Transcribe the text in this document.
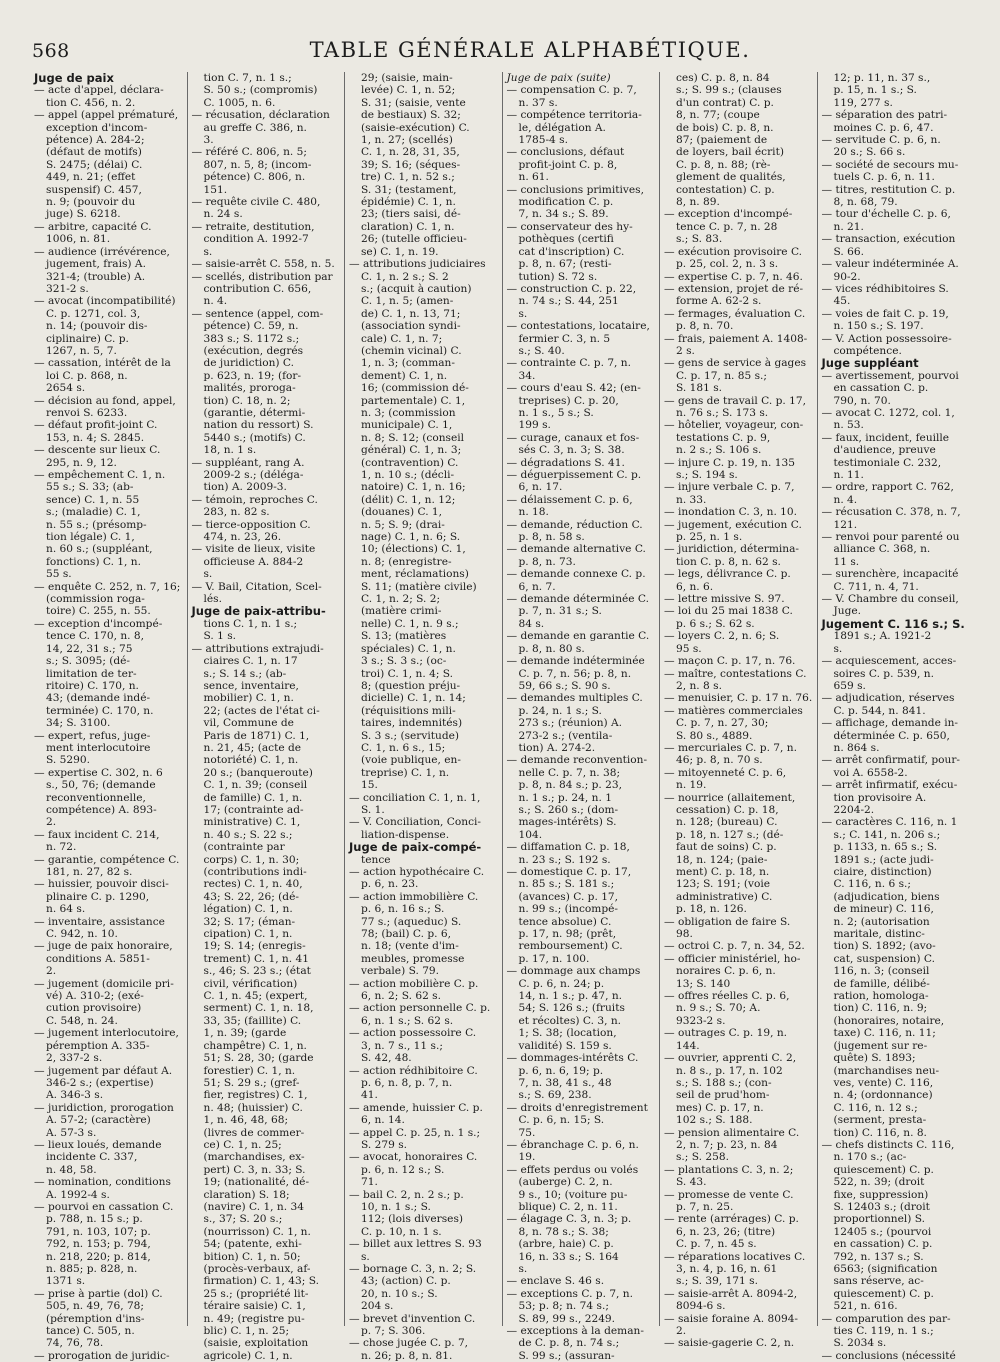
568	TABLE GÉNÉRALE ALPHABÉTIQUE.
Juge de paix
— acte d'appel, déclara-
tion C. 456, n. 2.
— appel (appel prématuré,
exception d'incom-
pétence) A. 284-2;
(défaut de motifs)
S. 2475; (délai) C.
449, n. 21; (effet
suspensif) C. 457,
n. 9; (pouvoir du
juge) S. 6218.
— arbitre, capacité C.
1006, n. 81.
— audience (irrévérence,
jugement, frais) A.
321-4; (trouble) A.
321-2 s.
— avocat (incompatibilité)
C. p. 1271, col. 3,
n. 14; (pouvoir dis-
ciplinaire) C. p.
1267, n. 5, 7.
— cassation, intérêt de la
loi C. p. 868, n.
2654 s.
— décision au fond, appel,
renvoi S. 6233.
— défaut profit-joint C.
153, n. 4; S. 2845.
— descente sur lieux C.
295, n. 9, 12.
— empêchement C. 1, n.
55 s.; S. 33; (ab-
sence) C. 1, n. 55
s.; (maladie) C. 1,
n. 55 s.; (présomp-
tion légale) C. 1,
n. 60 s.; (suppléant,
fonctions) C. 1, n.
55 s.
— enquête C. 252, n. 7, 16;
(commission roga-
toire) C. 255, n. 55.
— exception d'incompé-
tence C. 170, n. 8,
14, 22, 31 s.; 75
s.; S. 3095; (dé-
limitation de ter-
ritoire) C. 170, n.
43; (demande indé-
terminée) C. 170, n.
34; S. 3100.
— expert, refus, juge-
ment interlocutoire
S. 5290.
— expertise C. 302, n. 6
s., 50, 76; (demande
reconventionnelle,
compétence) A. 893-
2.
— faux incident C. 214,
n. 72.
— garantie, compétence C.
181, n. 27, 82 s.
— huissier, pouvoir disci-
plinaire C. p. 1290,
n. 64 s.
— inventaire, assistance
C. 942, n. 10.
— juge de paix honoraire,
conditions A. 5851-
2.
— jugement (domicile pri-
vé) A. 310-2; (exé-
cution provisoire)
C. 548, n. 24.
— jugement interlocutoire,
péremption A. 335-
2, 337-2 s.
— jugement par défaut A.
346-2 s.; (expertise)
A. 346-3 s.
— juridiction, prorogation
A. 57-2; (caractère)
A. 57-3 s.
— lieux loués, demande
incidente C. 337,
n. 48, 58.
— nomination, conditions
A. 1992-4 s.
— pourvoi en cassation C.
p. 788, n. 15 s.; p.
791, n. 103, 107; p.
792, n. 153; p. 794,
n. 218, 220; p. 814,
n. 885; p. 828, n.
1371 s.
— prise à partie (dol) C.
505, n. 49, 76, 78;
(péremption d'ins-
tance) C. 505, n.
74, 76, 78.
— prorogation de juridic-
tion C. 7, n. 1 s.;
S. 50 s.; (compromis)
C. 1005, n. 6.
— récusation, déclaration
au greffe C. 386, n.
3.
— référé C. 806, n. 5;
807, n. 5, 8; (incom-
pétence) C. 806, n.
151.
— requête civile C. 480,
n. 24 s.
— retraite, destitution,
condition A. 1992-7
s.
— saisie-arrêt C. 558, n. 5.
— scellés, distribution par
contribution C. 656,
n. 4.
— sentence (appel, com-
pétence) C. 59, n.
383 s.; S. 1172 s.;
(exécution, degrés
de juridiction) C.
p. 623, n. 19; (for-
malités, proroga-
tion) C. 18, n. 2;
(garantie, détermi-
nation du ressort) S.
5440 s.; (motifs) C.
18, n. 1 s.
— suppléant, rang A.
2009-2 s.; (déléga-
tion) A. 2009-3.
— témoin, reproches C.
283, n. 82 s.
— tierce-opposition C.
474, n. 23, 26.
— visite de lieux, visite
officieuse A. 884-2
s.
— V. Bail, Citation, Scel-
lés.
Juge de paix-attribu-
tions C. 1, n. 1 s.;
S. 1 s.
— attributions extrajudi-
ciaires C. 1, n. 17
s.; S. 14 s.; (ab-
sence, inventaire,
mobilier) C. 1, n.
22; (actes de l'état ci-
vil, Commune de
Paris de 1871) C. 1,
n. 21, 45; (acte de
notoriété) C. 1, n.
20 s.; (banqueroute)
C. 1, n. 39; (conseil
de famille) C. 1, n.
17; (contrainte ad-
ministrative) C. 1,
n. 40 s.; S. 22 s.;
(contrainte par
corps) C. 1, n. 30;
(contributions indi-
rectes) C. 1, n. 40,
43; S. 22, 26; (dé-
légation) C. 1, n.
32; S. 17; (éman-
cipation) C. 1, n.
19; S. 14; (enregis-
trement) C. 1, n. 41
s., 46; S. 23 s.; (état
civil, vérification)
C. 1, n. 45; (expert,
serment) C. 1, n. 18,
33, 35; (faillite) C.
1, n. 39; (garde
champêtre) C. 1, n.
51; S. 28, 30; (garde
forestier) C. 1, n.
51; S. 29 s.; (gref-
fier, registres) C. 1,
n. 48; (huissier) C.
1, n. 46, 48, 68;
(livres de commer-
ce) C. 1, n. 25;
(marchandises, ex-
pert) C. 3, n. 33; S.
19; (nationalité, dé-
claration) S. 18;
(navire) C. 1, n. 34
s., 37; S. 20 s.;
(nourrisson) C. 1, n.
54; (patente, exhi-
bition) C. 1, n. 50;
(procès-verbaux, af-
firmation) C. 1, 43; S.
25 s.; (propriété lit-
téraire saisie) C. 1,
n. 49; (registre pu-
blic) C. 1, n. 25;
(saisie, exploitation
agricole) C. 1, n.
29; (saisie, main-
levée) C. 1, n. 52;
S. 31; (saisie, vente
de bestiaux) S. 32;
(saisie-exécution) C.
1, n. 27; (scellés)
C. 1, n. 28, 31, 35,
39; S. 16; (séques-
tre) C. 1, n. 52 s.;
S. 31; (testament,
épidémie) C. 1, n.
23; (tiers saisi, dé-
claration) C. 1, n.
26; (tutelle officieu-
se) C. 1, n. 19.
— attributions judiciaires
C. 1, n. 2 s.; S. 2
s.; (acquit à caution)
C. 1, n. 5; (amen-
de) C. 1, n. 13, 71;
(association syndi-
cale) C. 1, n. 7;
(chemin vicinal) C.
1, n. 3; (comman-
dement) C. 1, n.
16; (commission dé-
partementale) C. 1,
n. 3; (commission
municipale) C. 1,
n. 8; S. 12; (conseil
général) C. 1, n. 3;
(contravention) C.
1, n. 10 s.; (décli-
natoire) C. 1, n. 16;
(délit) C. 1, n. 12;
(douanes) C. 1,
n. 5; S. 9; (drai-
nage) C. 1, n. 6; S.
10; (élections) C. 1,
n. 8; (enregistre-
ment, réclamations)
S. 11; (matière civile)
C. 1, n. 2; S. 2;
(matière crimi-
nelle) C. 1, n. 9 s.;
S. 13; (matières
spéciales) C. 1, n.
3 s.; S. 3 s.; (oc-
troi) C. 1, n. 4; S.
8; (question préju-
dicielle) C. 1, n. 14;
(réquisitions mili-
taires, indemnités)
S. 3 s.; (servitude)
C. 1, n. 6 s., 15;
(voie publique, en-
treprise) C. 1, n.
15.
— conciliation C. 1, n. 1,
S. 1.
— V. Conciliation, Conci-
liation-dispense.
Juge de paix-compé-
tence
— action hypothécaire C.
p. 6, n. 23.
— action immobilière C.
p. 6, n. 16 s.; S.
77 s.; (aqueduc) S.
78; (bail) C. p. 6,
n. 18; (vente d'im-
meubles, promesse
verbale) S. 79.
— action mobilière C. p.
6, n. 2; S. 62 s.
— action personnelle C. p.
6, n. 1 s.; S. 62 s.
— action possessoire C.
3, n. 7 s., 11 s.;
S. 42, 48.
— action rédhibitoire C.
p. 6, n. 8, p. 7, n.
41.
— amende, huissier C. p.
6, n. 14.
— appel C. p. 25, n. 1 s.;
S. 279 s.
— avocat, honoraires C.
p. 6, n. 12 s.; S.
71.
— bail C. 2, n. 2 s.; p.
10, n. 1 s.; S.
112; (lois diverses)
C. p. 10, n. 1 s.
— billet aux lettres S. 93
s.
— bornage C. 3, n. 2; S.
43; (action) C. p.
20, n. 10 s.; S.
204 s.
— brevet d'invention C.
p. 7; S. 306.
— chose jugée C. p. 7,
n. 26; p. 8, n. 81.
Juge de paix (suite)
— compensation C. p. 7,
n. 37 s.
— compétence territoria-
le, délégation A.
1785-4 s.
— conclusions, défaut
profit-joint C. p. 8,
n. 61.
— conclusions primitives,
modification C. p.
7, n. 34 s.; S. 89.
— conservateur des hy-
pothèques (certifi
cat d'inscription) C.
p. 8, n. 67; (resti-
tution) S. 72 s.
— construction C. p. 22,
n. 74 s.; S. 44, 251
s.
— contestations, locataire,
fermier C. 3, n. 5
s.; S. 40.
— contrainte C. p. 7, n.
34.
— cours d'eau S. 42; (en-
treprises) C. p. 20,
n. 1 s., 5 s.; S.
199 s.
— curage, canaux et fos-
sés C. 3, n. 3; S. 38.
— dégradations S. 41.
— déguerpissement C. p.
6, n. 17.
— délaissement C. p. 6,
n. 18.
— demande, réduction C.
p. 8, n. 58 s.
— demande alternative C.
p. 8, n. 73.
— demande connexe C. p.
6, n. 7.
— demande déterminée C.
p. 7, n. 31 s.; S.
84 s.
— demande en garantie C.
p. 8, n. 80 s.
— demande indéterminée
C. p. 7, n. 56; p. 8, n.
59, 66 s.; S. 90 s.
— demandes multiples C.
p. 24, n. 1 s.; S.
273 s.; (réunion) A.
273-2 s.; (ventila-
tion) A. 274-2.
— demande reconvention-
nelle C. p. 7, n. 38;
p. 8, n. 84 s.; p. 23,
n. 1 s.; p. 24, n. 1
s.; S. 260 s.; (dom-
mages-intérêts) S.
104.
— diffamation C. p. 18,
n. 23 s.; S. 192 s.
— domestique C. p. 17,
n. 85 s.; S. 181 s.;
(avances) C. p. 17,
n. 99 s.; (incompé-
tence absolue) C.
p. 17, n. 98; (prêt,
remboursement) C.
p. 17, n. 100.
— dommage aux champs
C. p. 6, n. 24; p.
14, n. 1 s.; p. 47, n.
54; S. 126 s.; (fruits
et récoltes) C. 3, n.
1; S. 38; (location,
validité) S. 159 s.
— dommages-intérêts C.
p. 6, n. 6, 19; p.
7, n. 38, 41 s., 48
s.; S. 69, 238.
— droits d'enregistrement
C. p. 6, n. 15; S.
75.
— ébranchage C. p. 6, n.
19.
— effets perdus ou volés
(auberge) C. 2, n.
9 s., 10; (voiture pu-
blique) C. 2, n. 11.
— élagage C. 3, n. 3; p.
8, n. 78 s.; S. 38;
(arbre, haie) C. p.
16, n. 33 s.; S. 164
s.
— enclave S. 46 s.
— exceptions C. p. 7, n.
53; p. 8; n. 74 s.;
S. 89, 99 s., 2249.
— exceptions à la deman-
de C. p. 8, n. 74 s.;
S. 99 s.; (assuran-
ces) C. p. 8, n. 84
s.; S. 99 s.; (clauses
d'un contrat) C. p.
8, n. 77; (coupe
de bois) C. p. 8, n.
87; (paiement de
de loyers, bail écrit)
C. p. 8, n. 88; (rè-
glement de qualités,
contestation) C. p.
8, n. 89.
— exception d'incompé-
tence C. p. 7, n. 28
s.; S. 83.
— exécution provisoire C.
p. 25, col. 2, n. 3 s.
— expertise C. p. 7, n. 46.
— extension, projet de ré-
forme A. 62-2 s.
— fermages, évaluation C.
p. 8, n. 70.
— frais, paiement A. 1408-
2 s.
— gens de service à gages
C. p. 17, n. 85 s.;
S. 181 s.
— gens de travail C. p. 17,
n. 76 s.; S. 173 s.
— hôtelier, voyageur, con-
testations C. p. 9,
n. 2 s.; S. 106 s.
— injure C. p. 19, n. 135
s.; S. 194 s.
— injure verbale C. p. 7,
n. 33.
— inondation C. 3, n. 10.
— jugement, exécution C.
p. 25, n. 1 s.
— juridiction, détermina-
tion C. p. 8, n. 62 s.
— legs, délivrance C. p.
6, n. 6.
— lettre missive S. 97.
— loi du 25 mai 1838 C.
p. 6 s.; S. 62 s.
— loyers C. 2, n. 6; S.
95 s.
— maçon C. p. 17, n. 76.
— maître, contestations C.
2, n. 8 s.
— menuisier, C. p. 17 n. 76.
— matières commerciales
C. p. 7, n. 27, 30;
S. 80 s., 4889.
— mercuriales C. p. 7, n.
46; p. 8, n. 70 s.
— mitoyenneté C. p. 6,
n. 19.
— nourrice (allaitement,
cessation) C. p. 18,
n. 128; (bureau) C.
p. 18, n. 127 s.; (dé-
faut de soins) C. p.
18, n. 124; (paie-
ment) C. p. 18, n.
123; S. 191; (voie
administrative) C.
p. 18, n. 126.
— obligation de faire S.
98.
— octroi C. p. 7, n. 34, 52.
— officier ministériel, ho-
noraires C. p. 6, n.
13; S. 140
— offres réelles C. p. 6,
n. 9 s.; S. 70; A.
9323-2 s.
— outrages C. p. 19, n.
144.
— ouvrier, apprenti C. 2,
n. 8 s., p. 17, n. 102
s.; S. 188 s.; (con-
seil de prud'hom-
mes) C. p. 17, n.
102 s.; S. 188.
— pension alimentaire C.
2, n. 7; p. 23, n. 84
s.; S. 258.
— plantations C. 3, n. 2;
S. 43.
— promesse de vente C.
p. 7, n. 25.
— rente (arrérages) C. p.
6, n. 23, 26; (titre)
C. p. 7, n. 45 s.
— réparations locatives C.
3, n. 4, p. 16, n. 61
s.; S. 39, 171 s.
— saisie-arrêt A. 8094-2,
8094-6 s.
— saisie foraine A. 8094-
2.
— saisie-gagerie C. 2, n.
12; p. 11, n. 37 s.,
p. 15, n. 1 s.; S.
119, 277 s.
— séparation des patri-
moines C. p. 6, 47.
— servitude C. p. 6, n.
20 s.; S. 66 s.
— société de secours mu-
tuels C. p. 6, n. 11.
— titres, restitution C. p.
8, n. 68, 79.
— tour d'échelle C. p. 6,
n. 21.
— transaction, exécution
S. 66.
— valeur indéterminée A.
90-2.
— vices rédhibitoires S.
45.
— voies de fait C. p. 19,
n. 150 s.; S. 197.
— V. Action possessoire-
compétence.
Juge suppléant
— avertissement, pourvoi
en cassation C. p.
790, n. 70.
— avocat C. 1272, col. 1,
n. 53.
— faux, incident, feuille
d'audience, preuve
testimoniale C. 232,
n. 11.
— ordre, rapport C. 762,
n. 4.
— récusation C. 378, n. 7,
121.
— renvoi pour parenté ou
alliance C. 368, n.
11 s.
— surenchère, incapacité
C. 711, n. 4, 71.
— V. Chambre du conseil,
Juge.
Jugement C. 116 s.; S.
1891 s.; A. 1921-2
s.
— acquiescement, acces-
soires C. p. 539, n.
659 s.
— adjudication, réserves
C. p. 544, n. 841.
— affichage, demande in-
déterminée C. p. 650,
n. 864 s.
— arrêt confirmatif, pour-
voi A. 6558-2.
— arrêt infirmatif, exécu-
tion provisoire A.
2204-2.
— caractères C. 116, n. 1
s.; C. 141, n. 206 s.;
p. 1133, n. 65 s.; S.
1891 s.; (acte judi-
ciaire, distinction)
C. 116, n. 6 s.;
(adjudication, biens
de mineur) C. 116,
n. 2; (autorisation
maritale, distinc-
tion) S. 1892; (avo-
cat, suspension) C.
116, n. 3; (conseil
de famille, délibé-
ration, homologa-
tion) C. 116, n. 9;
(honoraires, notaire,
taxe) C. 116, n. 11;
(jugement sur re-
quête) S. 1893;
(marchandises neu-
ves, vente) C. 116,
n. 4; (ordonnance)
C. 116, n. 12 s.;
(serment, presta-
tion) C. 116, n. 8.
— chefs distincts C. 116,
n. 170 s.; (ac-
quiescement) C. p.
522, n. 39; (droit
fixe, suppression)
S. 12403 s.; (droit
proportionnel) S.
12405 s.; (pourvoi
en cassation) C. p.
792, n. 137 s.; S.
6563; (signification
sans réserve, ac-
quiescement) C. p.
521, n. 616.
— comparution des par-
ties C. 119, n. 1 s.;
S. 2034 s.
— conclusions (nécessité
